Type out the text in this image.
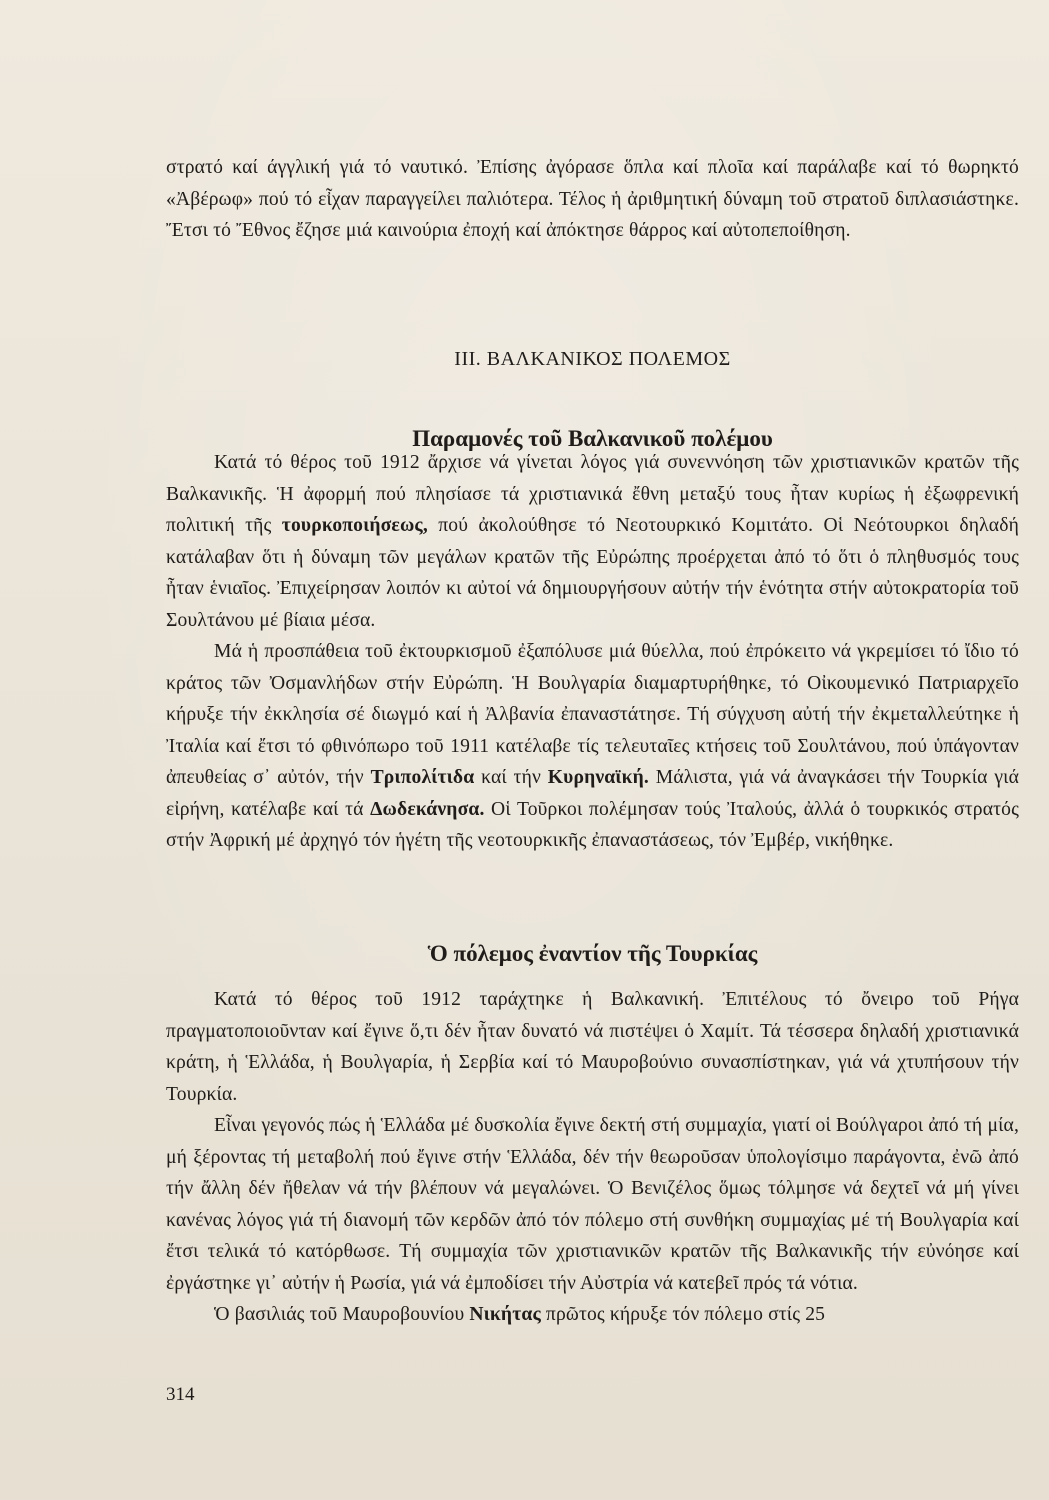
στρατό καί άγγλική γιά τό ναυτικό. Ἐπίσης ἀγόρασε ὅπλα καί πλοῖα καί παράλαβε καί τό θωρηκτό «Ἀβέρωφ» πού τό εἶχαν παραγγείλει παλιότερα. Τέλος ἡ ἀριθμητική δύναμη τοῦ στρατοῦ διπλασιάστηκε. Ἔτσι τό Ἔθνος ἔζησε μιά καινούρια ἐποχή καί ἀπόκτησε θάρρος καί αὐτοπεποίθηση.

III. ΒΑΛΚΑΝΙΚΟΣ ΠΟΛΕΜΟΣ
Παραμονές τοῦ Βαλκανικοῦ πολέμου

Κατά τό θέρος τοῦ 1912 ἄρχισε νά γίνεται λόγος γιά συνεννόηση τῶν χριστιανικῶν κρατῶν τῆς Βαλκανικῆς. Ἡ ἀφορμή πού πλησίασε τά χριστιανικά ἔθνη μεταξύ τους ἦταν κυρίως ἡ ἐξωφρενική πολιτική τῆς τουρκοποιήσεως, πού ἀκολούθησε τό Νεοτουρκικό Κομιτάτο. Οἱ Νεότουρκοι δηλαδή κατάλαβαν ὅτι ἡ δύναμη τῶν μεγάλων κρατῶν τῆς Εὐρώπης προέρχεται ἀπό τό ὅτι ὁ πληθυσμός τους ἦταν ἑνιαῖος. Ἐπιχείρησαν λοιπόν κι αὐτοί νά δημιουργήσουν αὐτήν τήν ἑνότητα στήν αὐτοκρατορία τοῦ Σουλτάνου μέ βίαια μέσα.

Μά ἡ προσπάθεια τοῦ ἐκτουρκισμοῦ ἐξαπόλυσε μιά θύελλα, πού ἐπρόκειτο νά γκρεμίσει τό ἴδιο τό κράτος τῶν Ὀσμανλήδων στήν Εὐρώπη. Ἡ Βουλγαρία διαμαρτυρήθηκε, τό Οἰκουμενικό Πατριαρχεῖο κήρυξε τήν ἐκκλησία σέ διωγμό καί ἡ Ἀλβανία ἐπαναστάτησε. Τή σύγχυση αὐτή τήν ἐκμεταλλεύτηκε ἡ Ἰταλία καί ἔτσι τό φθινόπωρο τοῦ 1911 κατέλαβε τίς τελευταῖες κτήσεις τοῦ Σουλτάνου, πού ὑπάγονταν ἀπευθείας σ᾽ αὐτόν, τήν Τριπολίτιδα καί τήν Κυρηναϊκή. Μάλιστα, γιά νά ἀναγκάσει τήν Τουρκία γιά εἰρήνη, κατέλαβε καί τά Δωδεκάνησα. Οἱ Τοῦρκοι πολέμησαν τούς Ἰταλούς, ἀλλά ὁ τουρκικός στρατός στήν Ἀφρική μέ ἀρχηγό τόν ἡγέτη τῆς νεοτουρκικῆς ἐπαναστάσεως, τόν Ἐμβέρ, νικήθηκε.

Ὁ πόλεμος ἐναντίον τῆς Τουρκίας

Κατά τό θέρος τοῦ 1912 ταράχτηκε ἡ Βαλκανική. Ἐπιτέλους τό ὄνειρο τοῦ Ρήγα πραγματοποιοῦνταν καί ἔγινε ὅ,τι δέν ἦταν δυνατό νά πιστέψει ὁ Χαμίτ. Τά τέσσερα δηλαδή χριστιανικά κράτη, ἡ Ἑλλάδα, ἡ Βουλγαρία, ἡ Σερβία καί τό Μαυροβούνιο συνασπίστηκαν, γιά νά χτυπήσουν τήν Τουρκία.

Εἶναι γεγονός πώς ἡ Ἑλλάδα μέ δυσκολία ἔγινε δεκτή στή συμμαχία, γιατί οἱ Βούλγαροι ἀπό τή μία, μή ξέροντας τή μεταβολή πού ἔγινε στήν Ἑλλάδα, δέν τήν θεωροῦσαν ὑπολογίσιμο παράγοντα, ἐνῶ ἀπό τήν ἄλλη δέν ἤθελαν νά τήν βλέπουν νά μεγαλώνει. Ὁ Βενιζέλος ὅμως τόλμησε νά δεχτεῖ νά μή γίνει κανένας λόγος γιά τή διανομή τῶν κερδῶν ἀπό τόν πόλεμο στή συνθήκη συμμαχίας μέ τή Βουλγαρία καί ἔτσι τελικά τό κατόρθωσε. Τή συμμαχία τῶν χριστιανικῶν κρατῶν τῆς Βαλκανικῆς τήν εὐνόησε καί ἐργάστηκε γι᾽ αὐτήν ἡ Ρωσία, γιά νά ἐμποδίσει τήν Αὐστρία νά κατεβεῖ πρός τά νότια.

Ὁ βασιλιάς τοῦ Μαυροβουνίου Νικήτας πρῶτος κήρυξε τόν πόλεμο στίς 25

314
